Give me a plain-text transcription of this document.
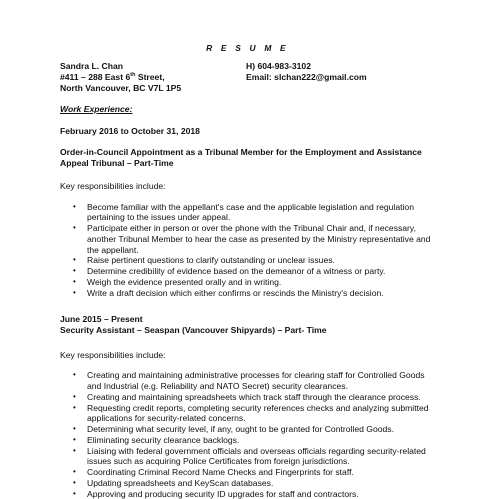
R E S U M E
Sandra L. Chan	H) 604-983-3102
#411 – 288 East 6th Street,	Email: slchan222@gmail.com
North Vancouver, BC V7L 1P5
Work Experience:
February 2016 to October 31, 2018
Order-in-Council Appointment as a Tribunal Member for the Employment and Assistance Appeal Tribunal – Part-Time
Key responsibilities include:
• Become familiar with the appellant's case and the applicable legislation and regulation pertaining to the issues under appeal.
• Participate either in person or over the phone with the Tribunal Chair and, if necessary, another Tribunal Member to hear the case as presented by the Ministry representative and the appellant.
• Raise pertinent questions to clarify outstanding or unclear issues.
• Determine credibility of evidence based on the demeanor of a witness or party.
• Weigh the evidence presented orally and in writing.
• Write a draft decision which either confirms or rescinds the Ministry's decision.
June 2015 – Present
Security Assistant – Seaspan (Vancouver Shipyards) – Part- Time
Key responsibilities include:
• Creating and maintaining administrative processes for clearing staff for Controlled Goods and Industrial (e.g. Reliability and NATO Secret) security clearances.
• Creating and maintaining spreadsheets which track staff through the clearance process.
• Requesting credit reports, completing security references checks and analyzing submitted applications for security-related concerns.
• Determining what security level, if any, ought to be granted for Controlled Goods.
• Eliminating security clearance backlogs.
• Liaising with federal government officials and overseas officials regarding security-related issues such as acquiring Police Certificates from foreign jurisdictions.
• Coordinating Criminal Record Name Checks and Fingerprints for staff.
• Updating spreadsheets and KeyScan databases.
• Approving and producing security ID upgrades for staff and contractors.
